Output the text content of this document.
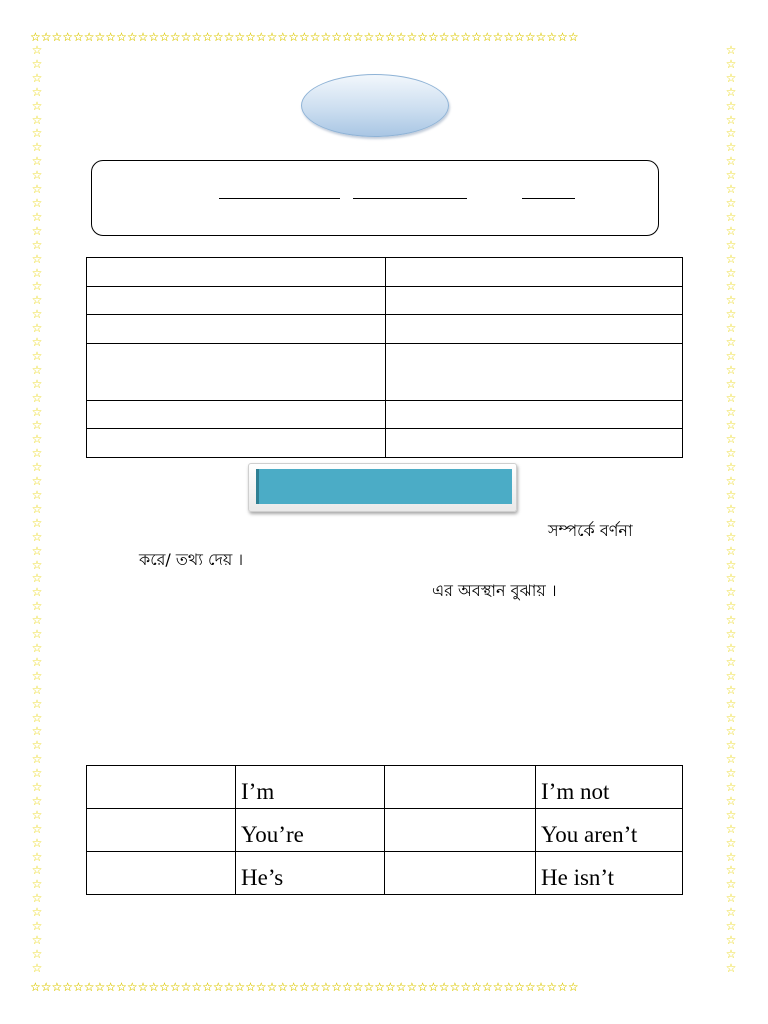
☆☆☆☆☆☆☆☆☆☆☆☆☆☆☆☆☆☆☆☆☆☆☆☆☆☆☆☆☆☆☆☆☆☆☆☆☆☆☆☆☆☆☆☆☆☆☆☆☆☆☆
☆☆☆☆☆☆☆☆☆☆☆☆☆☆☆☆☆☆☆☆☆☆☆☆☆☆☆☆☆☆☆☆☆☆☆☆☆☆☆☆☆☆☆☆☆☆☆☆☆☆☆
☆
☆
☆
☆
☆
☆
☆
☆
☆
☆
☆
☆
☆
☆
☆
☆
☆
☆
☆
☆
☆
☆
☆
☆
☆
☆
☆
☆
☆
☆
☆
☆
☆
☆
☆
☆
☆
☆
☆
☆
☆
☆
☆
☆
☆
☆
☆
☆
☆
☆
☆
☆
☆
☆
☆
☆
☆
☆
☆
☆
☆
☆
☆
☆
☆
☆
☆
☆
☆
☆
☆
☆
☆
☆
☆
☆
☆
☆
☆
☆
☆
☆
☆
☆
☆
☆
☆
☆
☆
☆
☆
☆
☆
☆
☆
☆
☆
☆
☆
☆
☆
☆
☆
☆
☆
☆
☆
☆
☆
☆
☆
☆
☆
☆
☆
☆
☆
☆
☆
☆
☆
☆
☆
☆
☆
☆
☆
☆
☆
☆
☆
☆
☆
☆

সম্পর্কে বর্ণনা
করে/ তথ্য দেয় ।
এর অবস্থান বুঝায় ।

	I’m		I’m not

	You’re		You aren’t

	He’s		He isn’t
